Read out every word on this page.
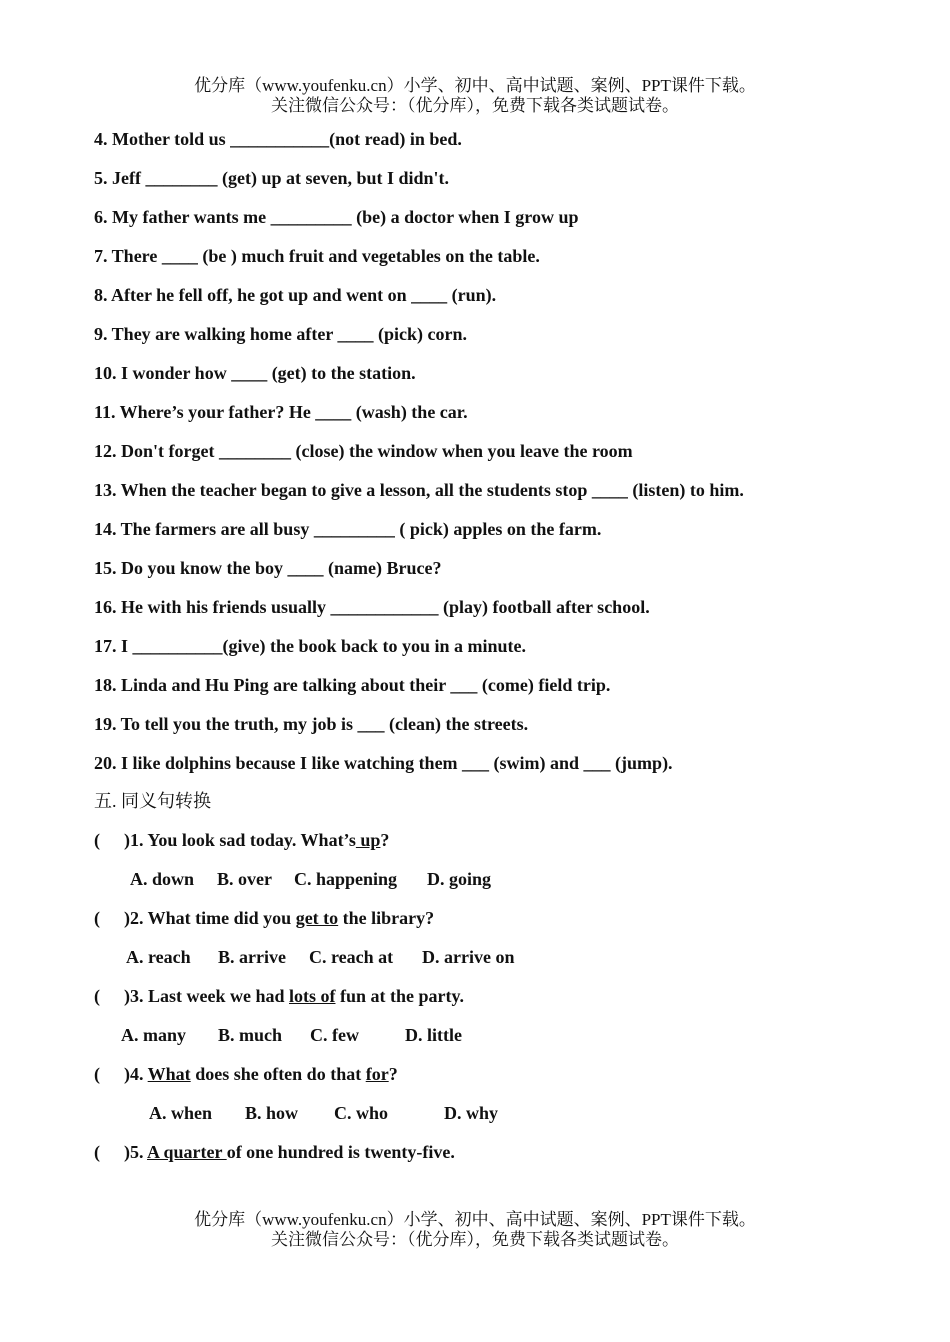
优分库（www.youfenku.cn）小学、初中、高中试题、案例、PPT课件下载。
关注微信公众号：（优分库），免费下载各类试题试卷。
4. Mother told us ___________(not read) in bed.
5. Jeff ________ (get) up at seven, but I didn't.
6. My father wants me _________ (be) a doctor when I grow up
7. There ____ (be ) much fruit and vegetables on the table.
8. After he fell off, he got up and went on ____ (run).
9. They are walking home after ____ (pick) corn.
10. I wonder how ____ (get) to the station.
11. Where’s your father? He ____ (wash) the car.
12. Don't forget ________ (close) the window when you leave the room
13. When the teacher began to give a lesson, all the students stop ____ (listen) to him.
14. The farmers are all busy _________ ( pick) apples on the farm.
15. Do you know the boy ____ (name) Bruce?
16. He with his friends usually ____________ (play) football after school.
17. I __________(give) the book back to you in a minute.
18. Linda and Hu Ping are talking about their ___ (come) field trip.
19. To tell you the truth, my job is ___ (clean) the streets.
20. I like dolphins because I like watching them ___ (swim) and ___ (jump).
五. 同义句转换
( )1. You look sad today. What’s up?
A. down B. over C. happening D. going
( )2. What time did you get to the library?
A. reach B. arrive C. reach at D. arrive on
( )3. Last week we had lots of fun at the party.
A. many B. much C. few	D. little
( )4. What does she often do that for?
A. when B. how C. who	D. why
( )5. A quarter of one hundred is twenty-five.
优分库（www.youfenku.cn）小学、初中、高中试题、案例、PPT课件下载。
关注微信公众号：（优分库），免费下载各类试题试卷。
